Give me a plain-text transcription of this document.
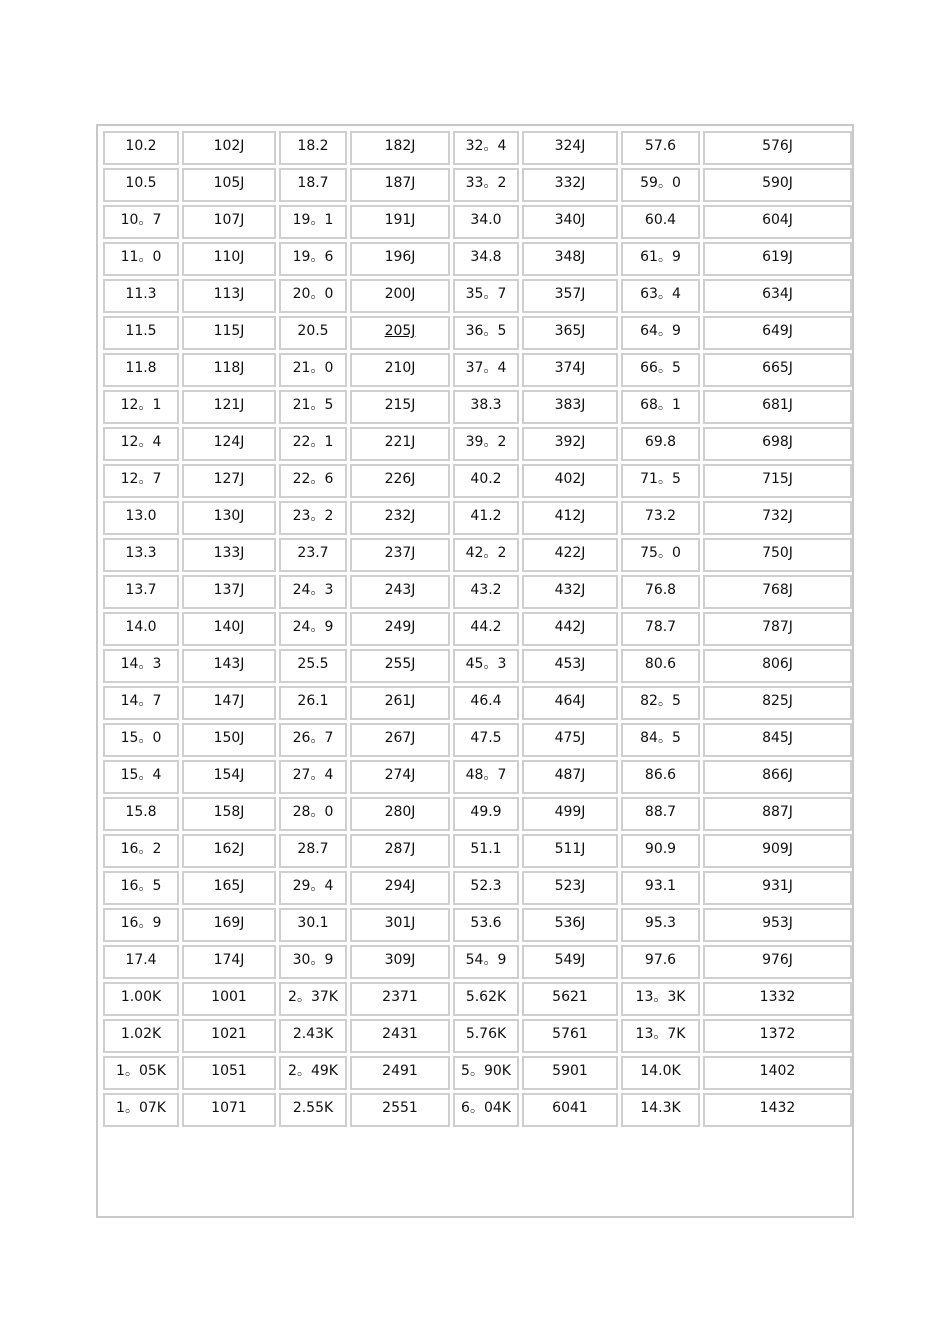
10.2	102J	18.2	182J	32。4	324J	57.6	576J
10.5	105J	18.7	187J	33。2	332J	59。0	590J
10。7	107J	19。1	191J	34.0	340J	60.4	604J
11。0	110J	19。6	196J	34.8	348J	61。9	619J
11.3	113J	20。0	200J	35。7	357J	63。4	634J
11.5	115J	20.5	205J	36。5	365J	64。9	649J
11.8	118J	21。0	210J	37。4	374J	66。5	665J
12。1	121J	21。5	215J	38.3	383J	68。1	681J
12。4	124J	22。1	221J	39。2	392J	69.8	698J
12。7	127J	22。6	226J	40.2	402J	71。5	715J
13.0	130J	23。2	232J	41.2	412J	73.2	732J
13.3	133J	23.7	237J	42。2	422J	75。0	750J
13.7	137J	24。3	243J	43.2	432J	76.8	768J
14.0	140J	24。9	249J	44.2	442J	78.7	787J
14。3	143J	25.5	255J	45。3	453J	80.6	806J
14。7	147J	26.1	261J	46.4	464J	82。5	825J
15。0	150J	26。7	267J	47.5	475J	84。5	845J
15。4	154J	27。4	274J	48。7	487J	86.6	866J
15.8	158J	28。0	280J	49.9	499J	88.7	887J
16。2	162J	28.7	287J	51.1	511J	90.9	909J
16。5	165J	29。4	294J	52.3	523J	93.1	931J
16。9	169J	30.1	301J	53.6	536J	95.3	953J
17.4	174J	30。9	309J	54。9	549J	97.6	976J
1.00K	1001	2。37K	2371	5.62K	5621	13。3K	1332
1.02K	1021	2.43K	2431	5.76K	5761	13。7K	1372
1。05K	1051	2。49K	2491	5。90K	5901	14.0K	1402
1。07K	1071	2.55K	2551	6。04K	6041	14.3K	1432
